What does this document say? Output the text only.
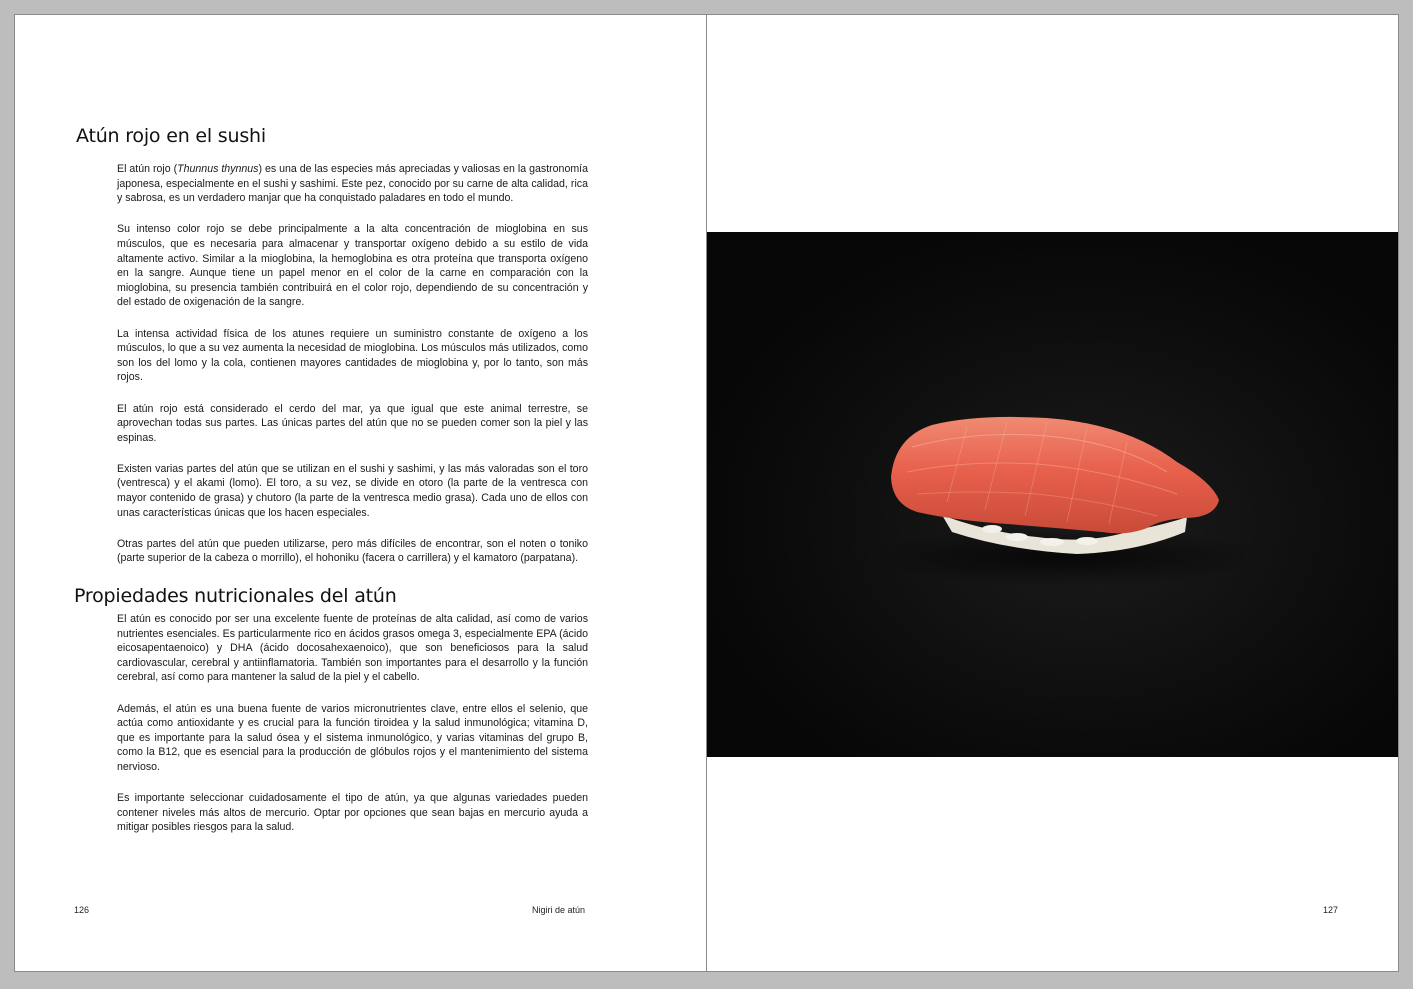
Atún rojo en el sushi

El atún rojo (Thunnus thynnus) es una de las especies más apreciadas y valiosas en la gastronomía japonesa, especialmente en el sushi y sashimi. Este pez, conocido por su carne de alta calidad, rica y sabrosa, es un verdadero manjar que ha conquistado paladares en todo el mundo.

Su intenso color rojo se debe principalmente a la alta concentración de mioglobina en sus músculos, que es necesaria para almacenar y transportar oxígeno debido a su estilo de vida altamente activo. Similar a la mioglobina, la hemoglobina es otra proteína que transporta oxígeno en la sangre. Aunque tiene un papel menor en el color de la carne en comparación con la mioglobina, su presencia también contribuirá en el color rojo, dependiendo de su concentración y del estado de oxigenación de la sangre.

La intensa actividad física de los atunes requiere un suministro constante de oxígeno a los músculos, lo que a su vez aumenta la necesidad de mioglobina. Los músculos más utilizados, como son los del lomo y la cola, contienen mayores cantidades de mioglobina y, por lo tanto, son más rojos.

El atún rojo está considerado el cerdo del mar, ya que igual que este animal terrestre, se aprovechan todas sus partes. Las únicas partes del atún que no se pueden comer son la piel y las espinas.

Existen varias partes del atún que se utilizan en el sushi y sashimi, y las más valoradas son el toro (ventresca) y el akami (lomo). El toro, a su vez, se divide en otoro (la parte de la ventresca con mayor contenido de grasa) y chutoro (la parte de la ventresca medio grasa). Cada uno de ellos con unas características únicas que los hacen especiales.

Otras partes del atún que pueden utilizarse, pero más difíciles de encontrar, son el noten o toniko (parte superior de la cabeza o morrillo), el hohoniku (facera o carrillera) y el kamatoro (parpatana).

Propiedades nutricionales del atún

El atún es conocido por ser una excelente fuente de proteínas de alta calidad, así como de varios nutrientes esenciales. Es particularmente rico en ácidos grasos omega 3, especialmente EPA (ácido eicosapentaenoico) y DHA (ácido docosahexaenoico), que son beneficiosos para la salud cardiovascular, cerebral y antiinflamatoria. También son importantes para el desarrollo y la función cerebral, así como para mantener la salud de la piel y el cabello.

Además, el atún es una buena fuente de varios micronutrientes clave, entre ellos el selenio, que actúa como antioxidante y es crucial para la función tiroidea y la salud inmunológica; vitamina D, que es importante para la salud ósea y el sistema inmunológico, y varias vitaminas del grupo B, como la B12, que es esencial para la producción de glóbulos rojos y el mantenimiento del sistema nervioso.

Es importante seleccionar cuidadosamente el tipo de atún, ya que algunas variedades pueden contener niveles más altos de mercurio. Optar por opciones que sean bajas en mercurio ayuda a mitigar posibles riesgos para la salud.

126	Nigiri de atún	127
